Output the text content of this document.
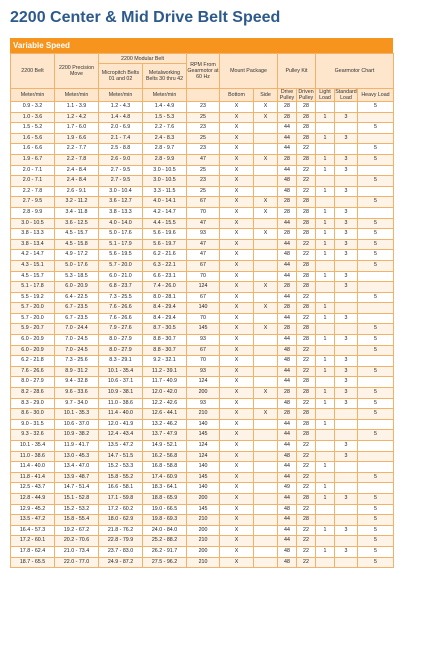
2200 Center & Mid Drive Belt Speed
Variable Speed
2200 Belt	2200 Precision Move	2200 Modular Belt		RPM From Gearmotor at 60 Hz	Mount Package		Pulley Kit		Gearmotor Chart		
		Micropitch Belts 01 and 02	Metalworking Belts 30 thru 42								
Meter/min	Meter/min	Meter/min	Meter/min		Bottom	Side	Drive Pulley	Driven Pulley	Light Load	Standard Load	Heavy Load
0.9 - 3.2	1.1 - 3.9	1.2 - 4.3	1.4 - 4.9	23	X	X	28	28			5
1.0 - 3.6	1.2 - 4.2	1.4 - 4.8	1.5 - 5.3	25	X	X	28	28	1	3	
1.5 - 5.2	1.7 - 6.0	2.0 - 6.9	2.2 - 7.6	23	X		44	28			5
1.6 - 5.6	1.9 - 6.6	2.1 - 7.4	2.4 - 8.3	25	X		44	28	1	3	
1.6 - 6.6	2.2 - 7.7	2.5 - 8.8	2.8 - 9.7	23	X		44	22			5
1.9 - 6.7	2.2 - 7.8	2.6 - 9.0	2.8 - 9.9	47	X	X	28	28	1	3	5
2.0 - 7.1	2.4 - 8.4	2.7 - 9.5	3.0 - 10.5	25	X		44	22	1	3	
2.0 - 7.1	2.4 - 8.4	2.7 - 9.5	3.0 - 10.5	23	X		48	22			5
2.2 - 7.8	2.6 - 9.1	3.0 - 10.4	3.3 - 11.5	25	X		48	22	1	3	
2.7 - 9.5	3.2 - 11.2	3.6 - 12.7	4.0 - 14.1	67	X	X	28	28			5
2.8 - 9.9	3.4 - 11.8	3.8 - 13.3	4.2 - 14.7	70	X	X	28	28	1	3	
3.0 - 10.5	3.6 - 12.5	4.0 - 14.0	4.4 - 15.5	47	X		44	28	1	3	5
3.8 - 13.3	4.5 - 15.7	5.0 - 17.6	5.6 - 19.6	93	X	X	28	28	1	3	5
3.8 - 13.4	4.5 - 15.8	5.1 - 17.9	5.6 - 19.7	47	X		44	22	1	3	5
4.2 - 14.7	4.9 - 17.2	5.6 - 19.5	6.2 - 21.6	47	X		48	22	1	3	5
4.3 - 15.1	5.0 - 17.6	5.7 - 20.0	6.3 - 22.1	67	X		44	28			5
4.5 - 15.7	5.3 - 18.5	6.0 - 21.0	6.6 - 23.1	70	X		44	28	1	3	
5.1 - 17.8	6.0 - 20.9	6.8 - 23.7	7.4 - 26.0	124	X	X	28	28		3	
5.5 - 19.2	6.4 - 22.5	7.3 - 25.5	8.0 - 28.1	67	X		44	22			5
5.7 - 20.0	6.7 - 23.5	7.6 - 26.6	8.4 - 29.4	140	X	X	28	28	1		
5.7 - 20.0	6.7 - 23.5	7.6 - 26.6	8.4 - 29.4	70	X		44	22	1	3	
5.9 - 20.7	7.0 - 24.4	7.9 - 27.6	8.7 - 30.5	145	X	X	28	28			5
6.0 - 20.9	7.0 - 24.5	8.0 - 27.9	8.8 - 30.7	93	X		44	28	1	3	5
6.0 - 20.9	7.0 - 24.5	8.0 - 27.9	8.8 - 30.7	67	X		48	22			5
6.2 - 21.8	7.3 - 25.6	8.3 - 29.1	9.2 - 32.1	70	X		48	22	1	3	
7.6 - 26.6	8.9 - 31.2	10.1 - 35.4	11.2 - 39.1	93	X		44	22	1	3	5
8.0 - 27.9	9.4 - 32.8	10.6 - 37.1	11.7 - 40.9	124	X		44	28		3	
8.2 - 28.6	9.6 - 33.6	10.9 - 38.1	12.0 - 42.0	200	X	X	28	28	1	3	5
8.3 - 29.0	9.7 - 34.0	11.0 - 38.6	12.2 - 42.6	93	X		48	22	1	3	5
8.6 - 30.0	10.1 - 35.3	11.4 - 40.0	12.6 - 44.1	210	X	X	28	28			5
9.0 - 31.5	10.6 - 37.0	12.0 - 41.9	13.2 - 46.2	140	X		44	28	1		
9.3 - 32.6	10.9 - 38.2	12.4 - 43.4	13.7 - 47.9	145	X		44	28			5
10.1 - 35.4	11.9 - 41.7	13.5 - 47.2	14.9 - 52.1	124	X		44	22		3	
11.0 - 38.6	13.0 - 45.3	14.7 - 51.5	16.2 - 56.8	124	X		48	22		3	
11.4 - 40.0	13.4 - 47.0	15.2 - 53.3	16.8 - 58.8	140	X		44	22	1		
11.8 - 41.4	13.9 - 48.7	15.8 - 55.2	17.4 - 60.9	145	X		44	22			5
12.5 - 43.7	14.7 - 51.4	16.6 - 58.1	18.3 - 64.1	140	X		49	22	1		
12.8 - 44.9	15.1 - 52.8	17.1 - 59.8	18.8 - 65.9	200	X		44	28	1	3	5
12.9 - 45.2	15.2 - 53.2	17.2 - 60.2	19.0 - 66.5	145	X		48	22			5
13.5 - 47.2	15.8 - 55.4	18.0 - 62.9	19.8 - 69.3	210	X		44	28			5
16.4 - 57.3	19.2 - 67.2	21.8 - 76.2	24.0 - 84.0	200	X		44	22	1	3	5
17.2 - 60.1	20.2 - 70.6	22.8 - 79.9	25.2 - 88.2	210	X		44	22			5
17.8 - 62.4	21.0 - 73.4	23.7 - 83.0	26.2 - 91.7	200	X		48	22	1	3	5
18.7 - 65.5	22.0 - 77.0	24.9 - 87.2	27.5 - 96.2	210	X		48	22			5
